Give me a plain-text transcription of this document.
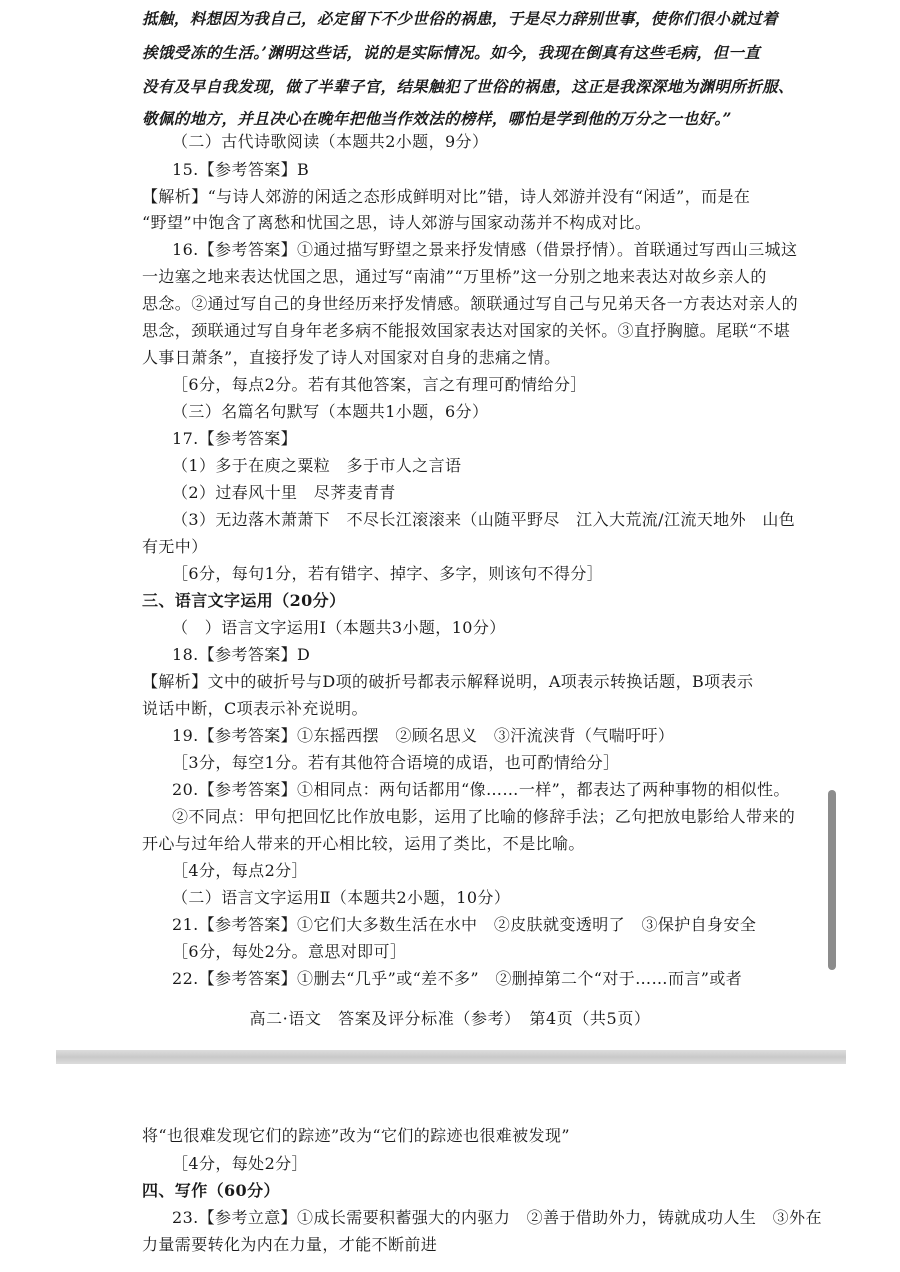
抵触，料想因为我自己，必定留下不少世俗的祸患，于是尽力辞别世事，使你们很小就过着
挨饿受冻的生活。’渊明这些话，说的是实际情况。如今，我现在倒真有这些毛病，但一直
没有及早自我发现，做了半辈子官，结果触犯了世俗的祸患，这正是我深深地为渊明所折服、
敬佩的地方，并且决心在晚年把他当作效法的榜样，哪怕是学到他的万分之一也好。”
（二）古代诗歌阅读（本题共2小题，9分）
15.【参考答案】B
【解析】“与诗人郊游的闲适之态形成鲜明对比”错，诗人郊游并没有“闲适”，而是在
“野望”中饱含了离愁和忧国之思，诗人郊游与国家动荡并不构成对比。
16.【参考答案】①通过描写野望之景来抒发情感（借景抒情）。首联通过写西山三城这
一边塞之地来表达忧国之思，通过写“南浦”“万里桥”这一分别之地来表达对故乡亲人的
思念。②通过写自己的身世经历来抒发情感。颔联通过写自己与兄弟天各一方表达对亲人的
思念，颈联通过写自身年老多病不能报效国家表达对国家的关怀。③直抒胸臆。尾联“不堪
人事日萧条”，直接抒发了诗人对国家对自身的悲痛之情。
［6分，每点2分。若有其他答案，言之有理可酌情给分］
（三）名篇名句默写（本题共1小题，6分）
17.【参考答案】
（1）多于在庾之粟粒　多于市人之言语
（2）过春风十里　尽荠麦青青
（3）无边落木萧萧下　不尽长江滚滚来（山随平野尽　江入大荒流/江流天地外　山色
有无中）
［6分，每句1分，若有错字、掉字、多字，则该句不得分］
三、语言文字运用（20分）
（　）语言文字运用Ⅰ（本题共3小题，10分）
18.【参考答案】D
【解析】文中的破折号与D项的破折号都表示解释说明，A项表示转换话题，B项表示
说话中断，C项表示补充说明。
19.【参考答案】①东摇西摆　②顾名思义　③汗流浃背（气喘吁吁）
［3分，每空1分。若有其他符合语境的成语，也可酌情给分］
20.【参考答案】①相同点：两句话都用“像……一样”，都表达了两种事物的相似性。
②不同点：甲句把回忆比作放电影，运用了比喻的修辞手法；乙句把放电影给人带来的
开心与过年给人带来的开心相比较，运用了类比，不是比喻。
［4分，每点2分］
（二）语言文字运用Ⅱ（本题共2小题，10分）
21.【参考答案】①它们大多数生活在水中　②皮肤就变透明了　③保护自身安全
［6分，每处2分。意思对即可］
22.【参考答案】①删去“几乎”或“差不多”　②删掉第二个“对于……而言”或者
高二·语文　答案及评分标准（参考）　第4页（共5页）
将“也很难发现它们的踪迹”改为“它们的踪迹也很难被发现”
［4分，每处2分］
四、写作（60分）
23.【参考立意】①成长需要积蓄强大的内驱力　②善于借助外力，铸就成功人生　③外在
力量需要转化为内在力量，才能不断前进
